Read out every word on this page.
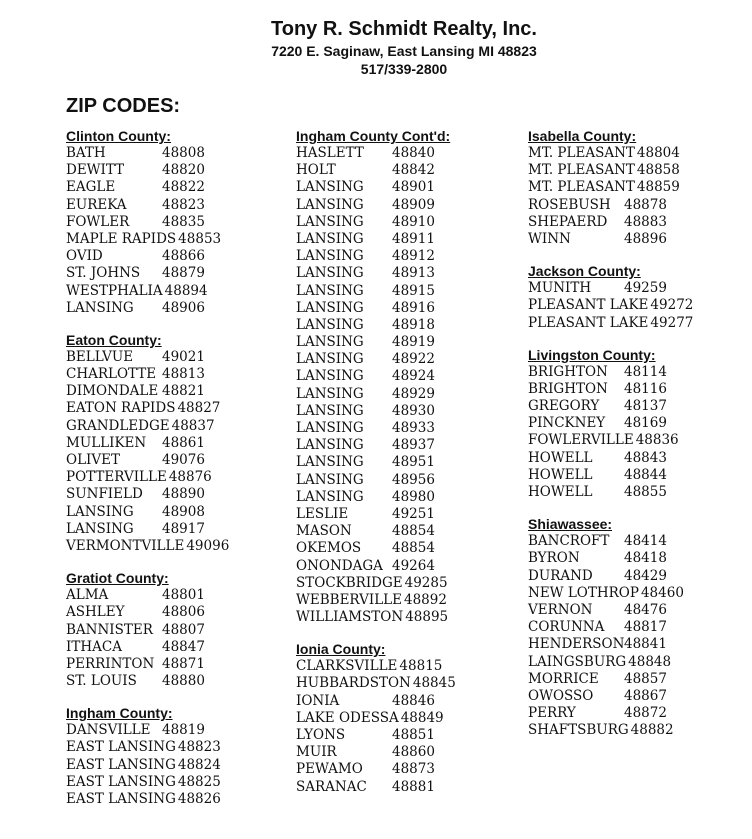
Tony R. Schmidt Realty, Inc.
7220 E. Saginaw, East Lansing MI 48823
517/339-2800
ZIP CODES:
Clinton County:
BATH	48808
DEWITT	48820
EAGLE	48822
EUREKA	48823
FOWLER	48835
MAPLE RAPIDS 48853
OVID	48866
ST. JOHNS	48879
WESTPHALIA 48894
LANSING	48906
Eaton County:
BELLVUE	49021
CHARLOTTE 48813
DIMONDALE 48821
EATON RAPIDS 48827
GRANDLEDGE 48837
MULLIKEN	48861
OLIVET	49076
POTTERVILLE 48876
SUNFIELD	48890
LANSING	48908
LANSING	48917
VERMONTVILLE 49096
Gratiot County:
ALMA	48801
ASHLEY	48806
BANNISTER 48807
ITHACA	48847
PERRINTON 48871
ST. LOUIS	48880
Ingham County:
DANSVILLE 48819
EAST LANSING 48823
EAST LANSING 48824
EAST LANSING 48825
EAST LANSING 48826
Ingham County Cont'd:
HASLETT	48840
HOLT	48842
LANSING	48901
LANSING	48909
LANSING	48910
LANSING	48911
LANSING	48912
LANSING	48913
LANSING	48915
LANSING	48916
LANSING	48918
LANSING	48919
LANSING	48922
LANSING	48924
LANSING	48929
LANSING	48930
LANSING	48933
LANSING	48937
LANSING	48951
LANSING	48956
LANSING	48980
LESLIE	49251
MASON	48854
OKEMOS	48854
ONONDAGA 49264
STOCKBRIDGE 49285
WEBBERVILLE 48892
WILLIAMSTON 48895
Ionia County:
CLARKSVILLE 48815
HUBBARDSTON 48845
IONIA	48846
LAKE ODESSA 48849
LYONS	48851
MUIR	48860
PEWAMO	48873
SARANAC	48881
Isabella County:
MT. PLEASANT 48804
MT. PLEASANT 48858
MT. PLEASANT 48859
ROSEBUSH 48878
SHEPAERD	48883
WINN	48896
Jackson County:
MUNITH	49259
PLEASANT LAKE 49272
PLEASANT LAKE 49277
Livingston County:
BRIGHTON	48114
BRIGHTON	48116
GREGORY	48137
PINCKNEY	48169
FOWLERVILLE 48836
HOWELL	48843
HOWELL	48844
HOWELL	48855
Shiawassee:
BANCROFT	48414
BYRON	48418
DURAND	48429
NEW LOTHROP 48460
VERNON	48476
CORUNNA	48817
HENDERSON 48841
LAINGSBURG 48848
MORRICE	48857
OWOSSO	48867
PERRY	48872
SHAFTSBURG 48882
